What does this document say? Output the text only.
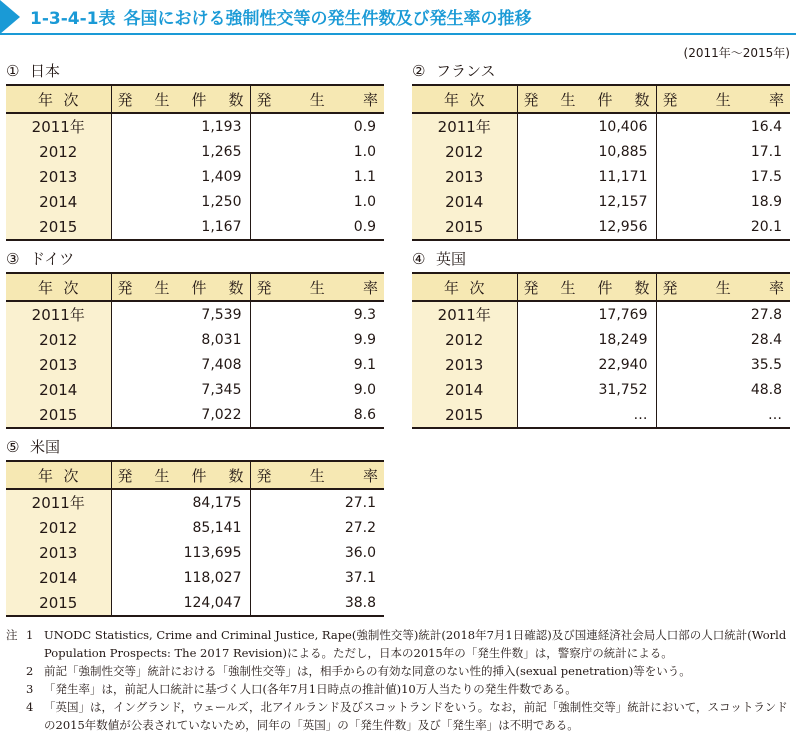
1-3-4-1表 各国における強制性交等の発生件数及び発生率の推移
(2011年～2015年)
① 日本
年 次	発 生 件 数	発 生 率

2011年	1,193	0.9
2012	1,265	1.0
2013	1,409	1.1
2014	1,250	1.0
2015	1,167	0.9
② フランス
年 次	発 生 件 数	発 生 率

2011年	10,406	16.4
2012	10,885	17.1
2013	11,171	17.5
2014	12,157	18.9
2015	12,956	20.1
③ ドイツ
年 次	発 生 件 数	発 生 率

2011年	7,539	9.3
2012	8,031	9.9
2013	7,408	9.1
2014	7,345	9.0
2015	7,022	8.6
④ 英国
年 次	発 生 件 数	発 生 率

2011年	17,769	27.8
2012	18,249	28.4
2013	22,940	35.5
2014	31,752	48.8
2015	…	…
⑤ 米国
年 次	発 生 件 数	発 生 率

2011年	84,175	27.1
2012	85,141	27.2
2013	113,695	36.0
2014	118,027	37.1
2015	124,047	38.8
注 1 UNODC Statistics, Crime and Criminal Justice, Rape(強制性交等)統計(2018年7月1日確認)及び国連経済社会局人口部の人口統計(World Population Prospects: The 2017 Revision)による。ただし，日本の2015年の「発生件数」は，警察庁の統計による。
2 前記「強制性交等」統計における「強制性交等」は，相手からの有効な同意のない性的挿入(sexual penetration)等をいう。
3 「発生率」は，前記人口統計に基づく人口(各年7月1日時点の推計値)10万人当たりの発生件数である。
4 「英国」は，イングランド，ウェールズ，北アイルランド及びスコットランドをいう。なお，前記「強制性交等」統計において，スコットランドの2015年数値が公表されていないため，同年の「英国」の「発生件数」及び「発生率」は不明である。
